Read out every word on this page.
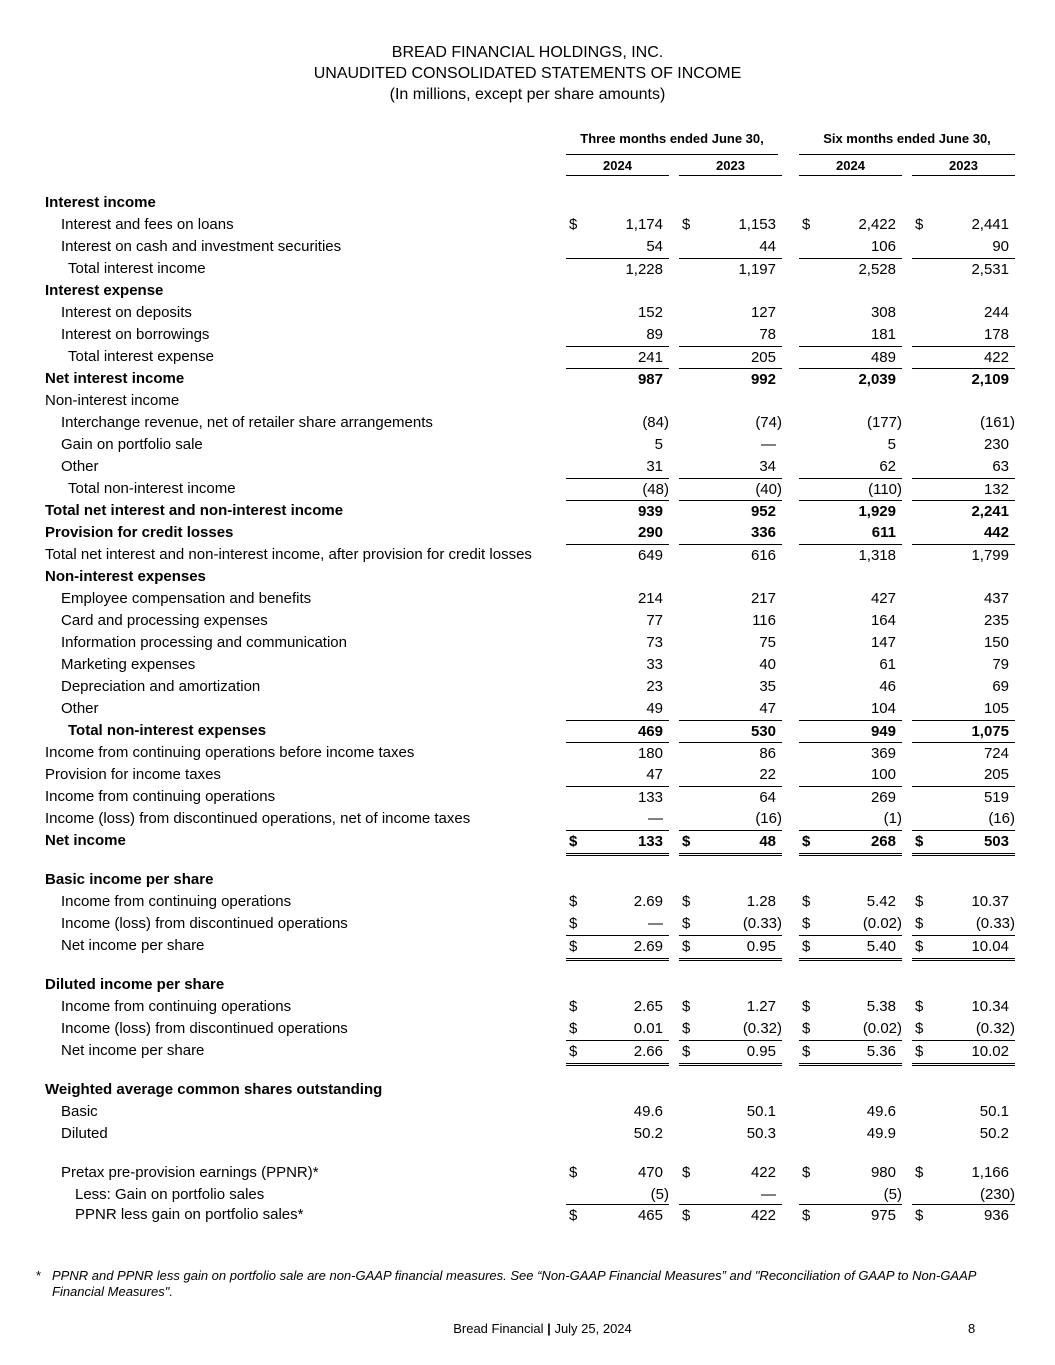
BREAD FINANCIAL HOLDINGS, INC.
UNAUDITED CONSOLIDATED STATEMENTS OF INCOME
(In millions, except per share amounts)
Three months ended June 30,	Six months ended June 30,
2024	2023	2024	2023
Interest income
Interest and fees on loans	$	1,174 $	1,153 $	2,422 $	2,441
Interest on cash and investment securities	54	44	106	90
Total interest income	1,228	1,197	2,528	2,531
Interest expense
Interest on deposits	152	127	308	244
Interest on borrowings	89	78	181	178
Total interest expense	241	205	489	422
Net interest income	987	992	2,039	2,109
Non-interest income
Interchange revenue, net of retailer share arrangements	(84)	(74)	(177)	(161)
Gain on portfolio sale	5	—	5	230
Other	31	34	62	63
Total non-interest income	(48)	(40)	(110)	132
Total net interest and non-interest income	939	952	1,929	2,241
Provision for credit losses	290	336	611	442
Total net interest and non-interest income, after provision for credit losses	649	616	1,318	1,799
Non-interest expenses
Employee compensation and benefits	214	217	427	437
Card and processing expenses	77	116	164	235
Information processing and communication	73	75	147	150
Marketing expenses	33	40	61	79
Depreciation and amortization	23	35	46	69
Other	49	47	104	105
Total non-interest expenses	469	530	949	1,075
Income from continuing operations before income taxes	180	86	369	724
Provision for income taxes	47	22	100	205
Income from continuing operations	133	64	269	519
Income (loss) from discontinued operations, net of income taxes	—	(16)	(1)	(16)
Net income	$	133 $	48 $	268 $	503
Basic income per share
Income from continuing operations	$	2.69 $	1.28 $	5.42 $	10.37
Income (loss) from discontinued operations	$	— $	(0.33) $	(0.02) $	(0.33)
Net income per share	$	2.69 $	0.95 $	5.40 $	10.04
Diluted income per share
Income from continuing operations	$	2.65 $	1.27 $	5.38 $	10.34
Income (loss) from discontinued operations	$	0.01 $	(0.32) $	(0.02) $	(0.32)
Net income per share	$	2.66 $	0.95 $	5.36 $	10.02
Weighted average common shares outstanding
Basic	49.6	50.1	49.6	50.1
Diluted	50.2	50.3	49.9	50.2
Pretax pre-provision earnings (PPNR)*	$	470 $	422 $	980 $	1,166
Less: Gain on portfolio sales	(5)	—	(5)	(230)
PPNR less gain on portfolio sales*	$	465 $	422 $	975 $	936
* PPNR and PPNR less gain on portfolio sale are non-GAAP financial measures. See “Non-GAAP Financial Measures” and "Reconciliation of GAAP to Non-GAAP Financial Measures".
Bread Financial | July 25, 2024	8
